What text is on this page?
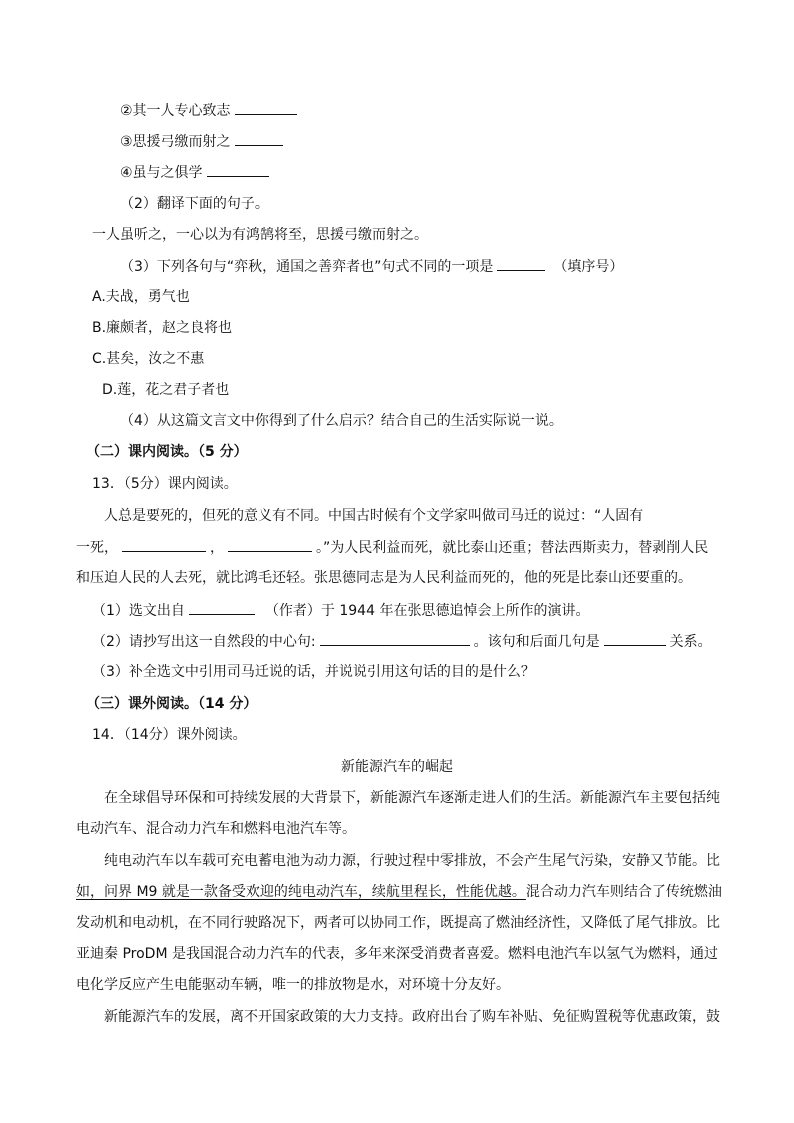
②其一人专心致志
③思援弓缴而射之
④虽与之俱学
（2）翻译下面的句子。
一人虽听之，一心以为有鸿鹄将至，思援弓缴而射之。
（3）下列各句与“弈秋，通国之善弈者也”句式不同的一项是	（填序号）
A.夫战，勇气也
B.廉颇者，赵之良将也
C.甚矣，汝之不惠
D.莲，花之君子者也
（4）从这篇文言文中你得到了什么启示？结合自己的生活实际说一说。
（二）课内阅读。（5 分）
13．（5分）课内阅读。
人总是要死的，但死的意义有不同。中国古时候有个文学家叫做司马迁的说过：“人固有
一死，	，	。”为人民利益而死，就比泰山还重；替法西斯卖力，替剥削人民
和压迫人民的人去死，就比鸿毛还轻。张思德同志是为人民利益而死的，他的死是比泰山还要重的。
（1）选文出自	（作者）于 1944 年在张思德追悼会上所作的演讲。
（2）请抄写出这一自然段的中心句:	。该句和后面几句是	关系。
（3）补全选文中引用司马迁说的话，并说说引用这句话的目的是什么？
（三）课外阅读。（14 分）
14．（14分）课外阅读。
新能源汽车的崛起
在全球倡导环保和可持续发展的大背景下，新能源汽车逐渐走进人们的生活。新能源汽车主要包括纯
电动汽车、混合动力汽车和燃料电池汽车等。
纯电动汽车以车载可充电蓄电池为动力源，行驶过程中零排放，不会产生尾气污染，安静又节能。比
如，问界 M9 就是一款备受欢迎的纯电动汽车，续航里程长，性能优越。混合动力汽车则结合了传统燃油
发动机和电动机，在不同行驶路况下，两者可以协同工作，既提高了燃油经济性，又降低了尾气排放。比
亚迪秦 ProDM 是我国混合动力汽车的代表，多年来深受消费者喜爱。燃料电池汽车以氢气为燃料，通过
电化学反应产生电能驱动车辆，唯一的排放物是水，对环境十分友好。
新能源汽车的发展，离不开国家政策的大力支持。政府出台了购车补贴、免征购置税等优惠政策，鼓
